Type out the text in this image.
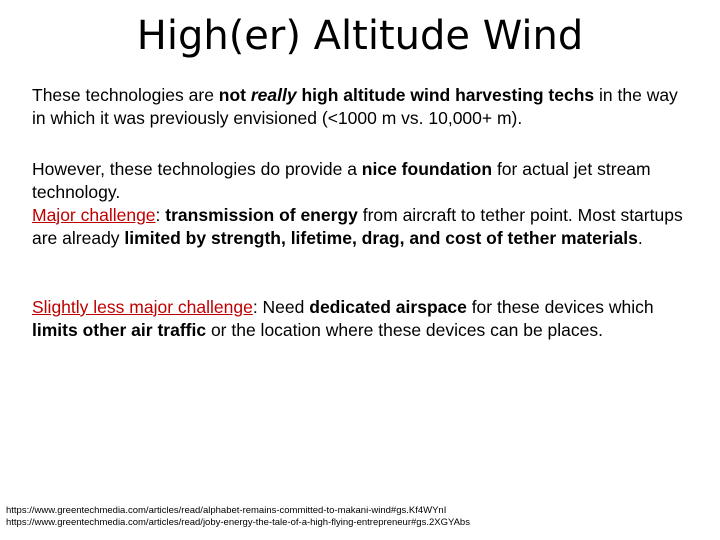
High(er) Altitude Wind

These technologies are not really high altitude wind harvesting techs in the way in which it was previously envisioned (<1000 m vs. 10,000+ m).

However, these technologies do provide a nice foundation for actual jet stream technology.

Major challenge: transmission of energy from aircraft to tether point. Most startups are already limited by strength, lifetime, drag, and cost of tether materials.

Slightly less major challenge: Need dedicated airspace for these devices which limits other air traffic or the location where these devices can be places.

https://www.greentechmedia.com/articles/read/alphabet-remains-committed-to-makani-wind#gs.Kf4WYnI
https://www.greentechmedia.com/articles/read/joby-energy-the-tale-of-a-high-flying-entrepreneur#gs.2XGYAbs
